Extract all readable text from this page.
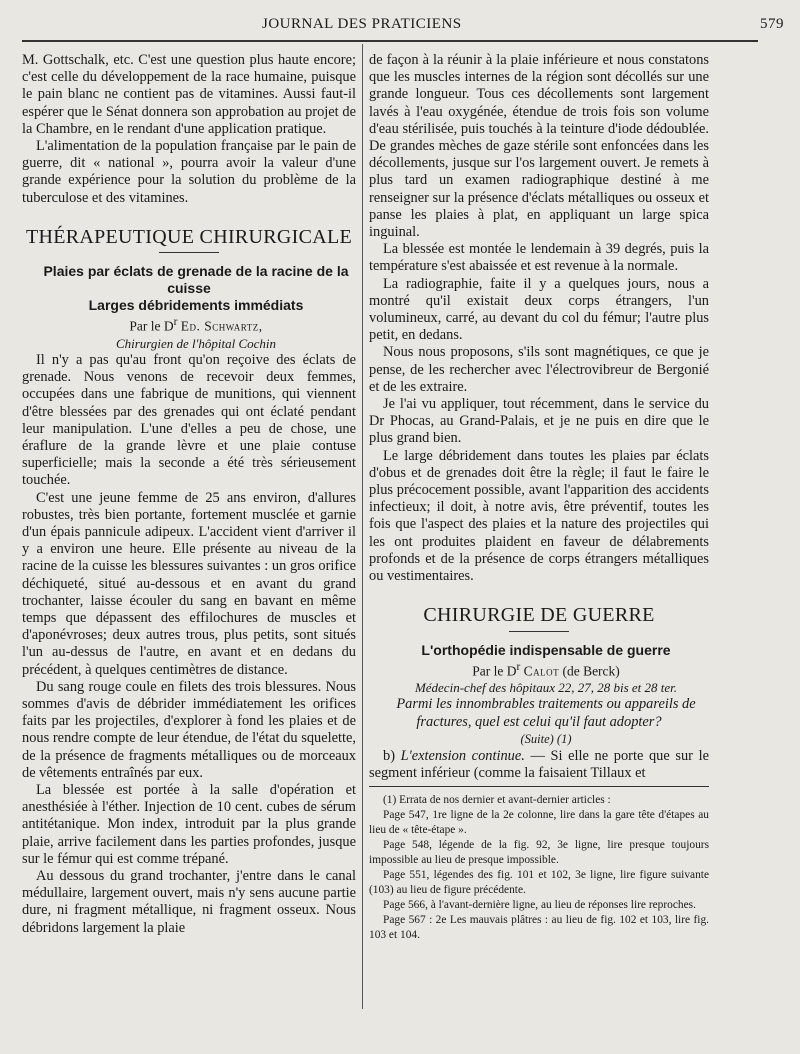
JOURNAL DES PRATICIENS	579

M. Gottschalk, etc. C'est une question plus haute encore; c'est celle du développement de la race humaine, puisque le pain blanc ne contient pas de vitamines. Aussi faut-il espérer que le Sénat donnera son approbation au projet de la Chambre, en le rendant d'une application pratique.

L'alimentation de la population française par le pain de guerre, dit « national », pourra avoir la valeur d'une grande expérience pour la solution du problème de la tuberculose et des vitamines.

THÉRAPEUTIQUE CHIRURGICALE

Plaies par éclats de grenade de la racine de la cuisse

Larges débridements immédiats

Par le $D^r$ Ed. Schwartz,

Chirurgien de l'hôpital Cochin

Il n'y a pas qu'au front qu'on reçoive des éclats de grenade. Nous venons de recevoir deux femmes, occupées dans une fabrique de munitions, qui viennent d'être blessées par des grenades qui ont éclaté pendant leur manipulation. L'une d'elles a peu de chose, une éraflure de la grande lèvre et une plaie contuse superficielle; mais la seconde a été très sérieusement touchée.

C'est une jeune femme de 25 ans environ, d'allures robustes, très bien portante, fortement musclée et garnie d'un épais pannicule adipeux. L'accident vient d'arriver il y a environ une heure. Elle présente au niveau de la racine de la cuisse les blessures suivantes : un gros orifice déchiqueté, situé au-dessous et en avant du grand trochanter, laisse écouler du sang en bavant en même temps que dépassent des effilochures de muscles et d'aponévroses; deux autres trous, plus petits, sont situés l'un au-dessus de l'autre, en avant et en dedans du précédent, à quelques centimètres de distance.

Du sang rouge coule en filets des trois blessures. Nous sommes d'avis de débrider immédiatement les orifices faits par les projectiles, d'explorer à fond les plaies et de nous rendre compte de leur étendue, de l'état du squelette, de la présence de fragments métalliques ou de morceaux de vêtements entraînés par eux.

La blessée est portée à la salle d'opération et anesthésiée à l'éther. Injection de 10 cent. cubes de sérum antitétanique. Mon index, introduit par la plus grande plaie, arrive facilement dans les parties profondes, jusque sur le fémur qui est comme trépané.

Au dessous du grand trochanter, j'entre dans le canal médullaire, largement ouvert, mais n'y sens aucune partie dure, ni fragment métallique, ni fragment osseux. Nous débridons largement la plaie

de façon à la réunir à la plaie inférieure et nous constatons que les muscles internes de la région sont décollés sur une grande longueur. Tous ces décollements sont largement lavés à l'eau oxygénée, étendue de trois fois son volume d'eau stérilisée, puis touchés à la teinture d'iode dédoublée. De grandes mèches de gaze stérile sont enfoncées dans les décollements, jusque sur l'os largement ouvert. Je remets à plus tard un examen radiographique destiné à me renseigner sur la présence d'éclats métalliques ou osseux et panse les plaies à plat, en appliquant un large spica inguinal.

La blessée est montée le lendemain à 39 degrés, puis la température s'est abaissée et est revenue à la normale.

La radiographie, faite il y a quelques jours, nous a montré qu'il existait deux corps étrangers, l'un volumineux, carré, au devant du col du fémur; l'autre plus petit, en dedans.

Nous nous proposons, s'ils sont magnétiques, ce que je pense, de les rechercher avec l'électrovibreur de Bergonié et de les extraire.

Je l'ai vu appliquer, tout récemment, dans le service du Dr Phocas, au Grand-Palais, et je ne puis en dire que le plus grand bien.

Le large débridement dans toutes les plaies par éclats d'obus et de grenades doit être la règle; il faut le faire le plus précocement possible, avant l'apparition des accidents infectieux; il doit, à notre avis, être préventif, toutes les fois que l'aspect des plaies et la nature des projectiles qui les ont produites plaident en faveur de délabrements profonds et de la présence de corps étrangers métalliques ou vestimentaires.

CHIRURGIE DE GUERRE

L'orthopédie indispensable de guerre

Par le $D^r$ Calot (de Berck)

Médecin-chef des hôpitaux 22, 27, 28 bis et 28 ter.

Parmi les innombrables traitements ou appareils de fractures, quel est celui qu'il faut adopter?

(Suite) (1)

b) L'extension continue. — Si elle ne porte que sur le segment inférieur (comme la faisaient Tillaux et

(1) Errata de nos dernier et avant-dernier articles :

Page 547, 1re ligne de la 2e colonne, lire dans la gare tête d'étapes au lieu de « tête-étape ».

Page 548, légende de la fig. 92, 3e ligne, lire presque toujours impossible au lieu de presque impossible.

Page 551, légendes des fig. 101 et 102, 3e ligne, lire figure suivante (103) au lieu de figure précédente.

Page 566, à l'avant-dernière ligne, au lieu de réponses lire reproches.

Page 567 : 2e Les mauvais plâtres : au lieu de fig. 102 et 103, lire fig. 103 et 104.
